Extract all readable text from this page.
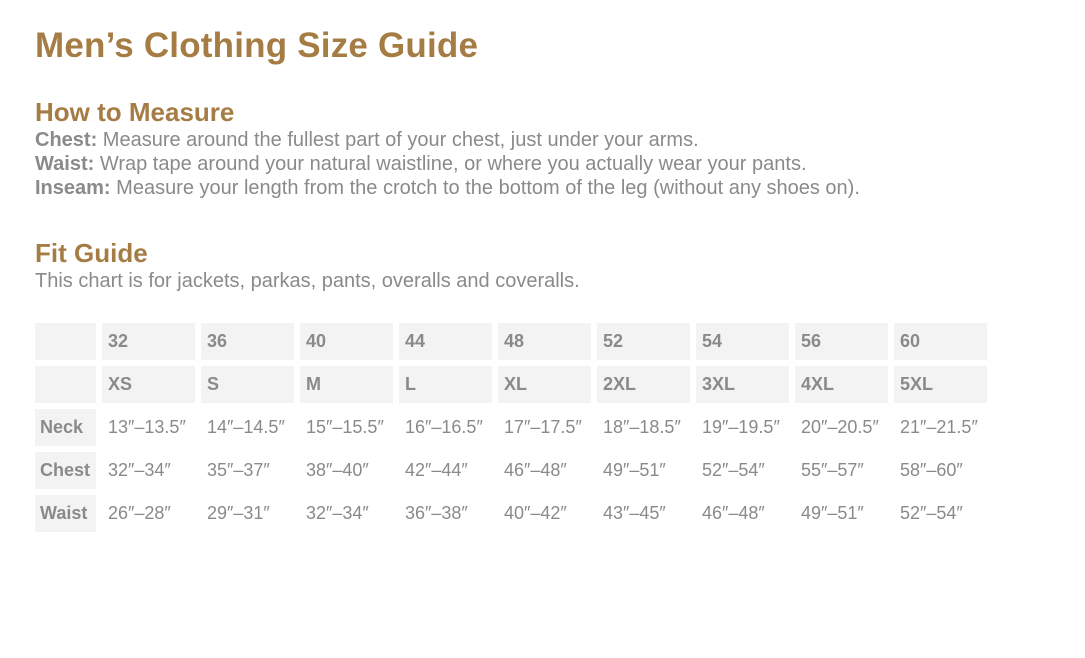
Men’s Clothing Size Guide
How to Measure

Chest: Measure around the fullest part of your chest, just under your arms.

Waist: Wrap tape around your natural waistline, or where you actually wear your pants.

Inseam: Measure your length from the crotch to the bottom of the leg (without any shoes on).

Fit Guide

This chart is for jackets, parkas, pants, overalls and coveralls.

	32	36	40	44	48	52	54	56	60
	XS	S	M	L	XL	2XL	3XL	4XL	5XL
Neck	13″–13.5″	14″–14.5″	15″–15.5″	16″–16.5″	17″–17.5″	18″–18.5″	19″–19.5″	20″–20.5″	21″–21.5″
Chest	32″–34″	35″–37″	38″–40″	42″–44″	46″–48″	49″–51″	52″–54″	55″–57″	58″–60″
Waist	26″–28″	29″–31″	32″–34″	36″–38″	40″–42″	43″–45″	46″–48″	49″–51″	52″–54″
